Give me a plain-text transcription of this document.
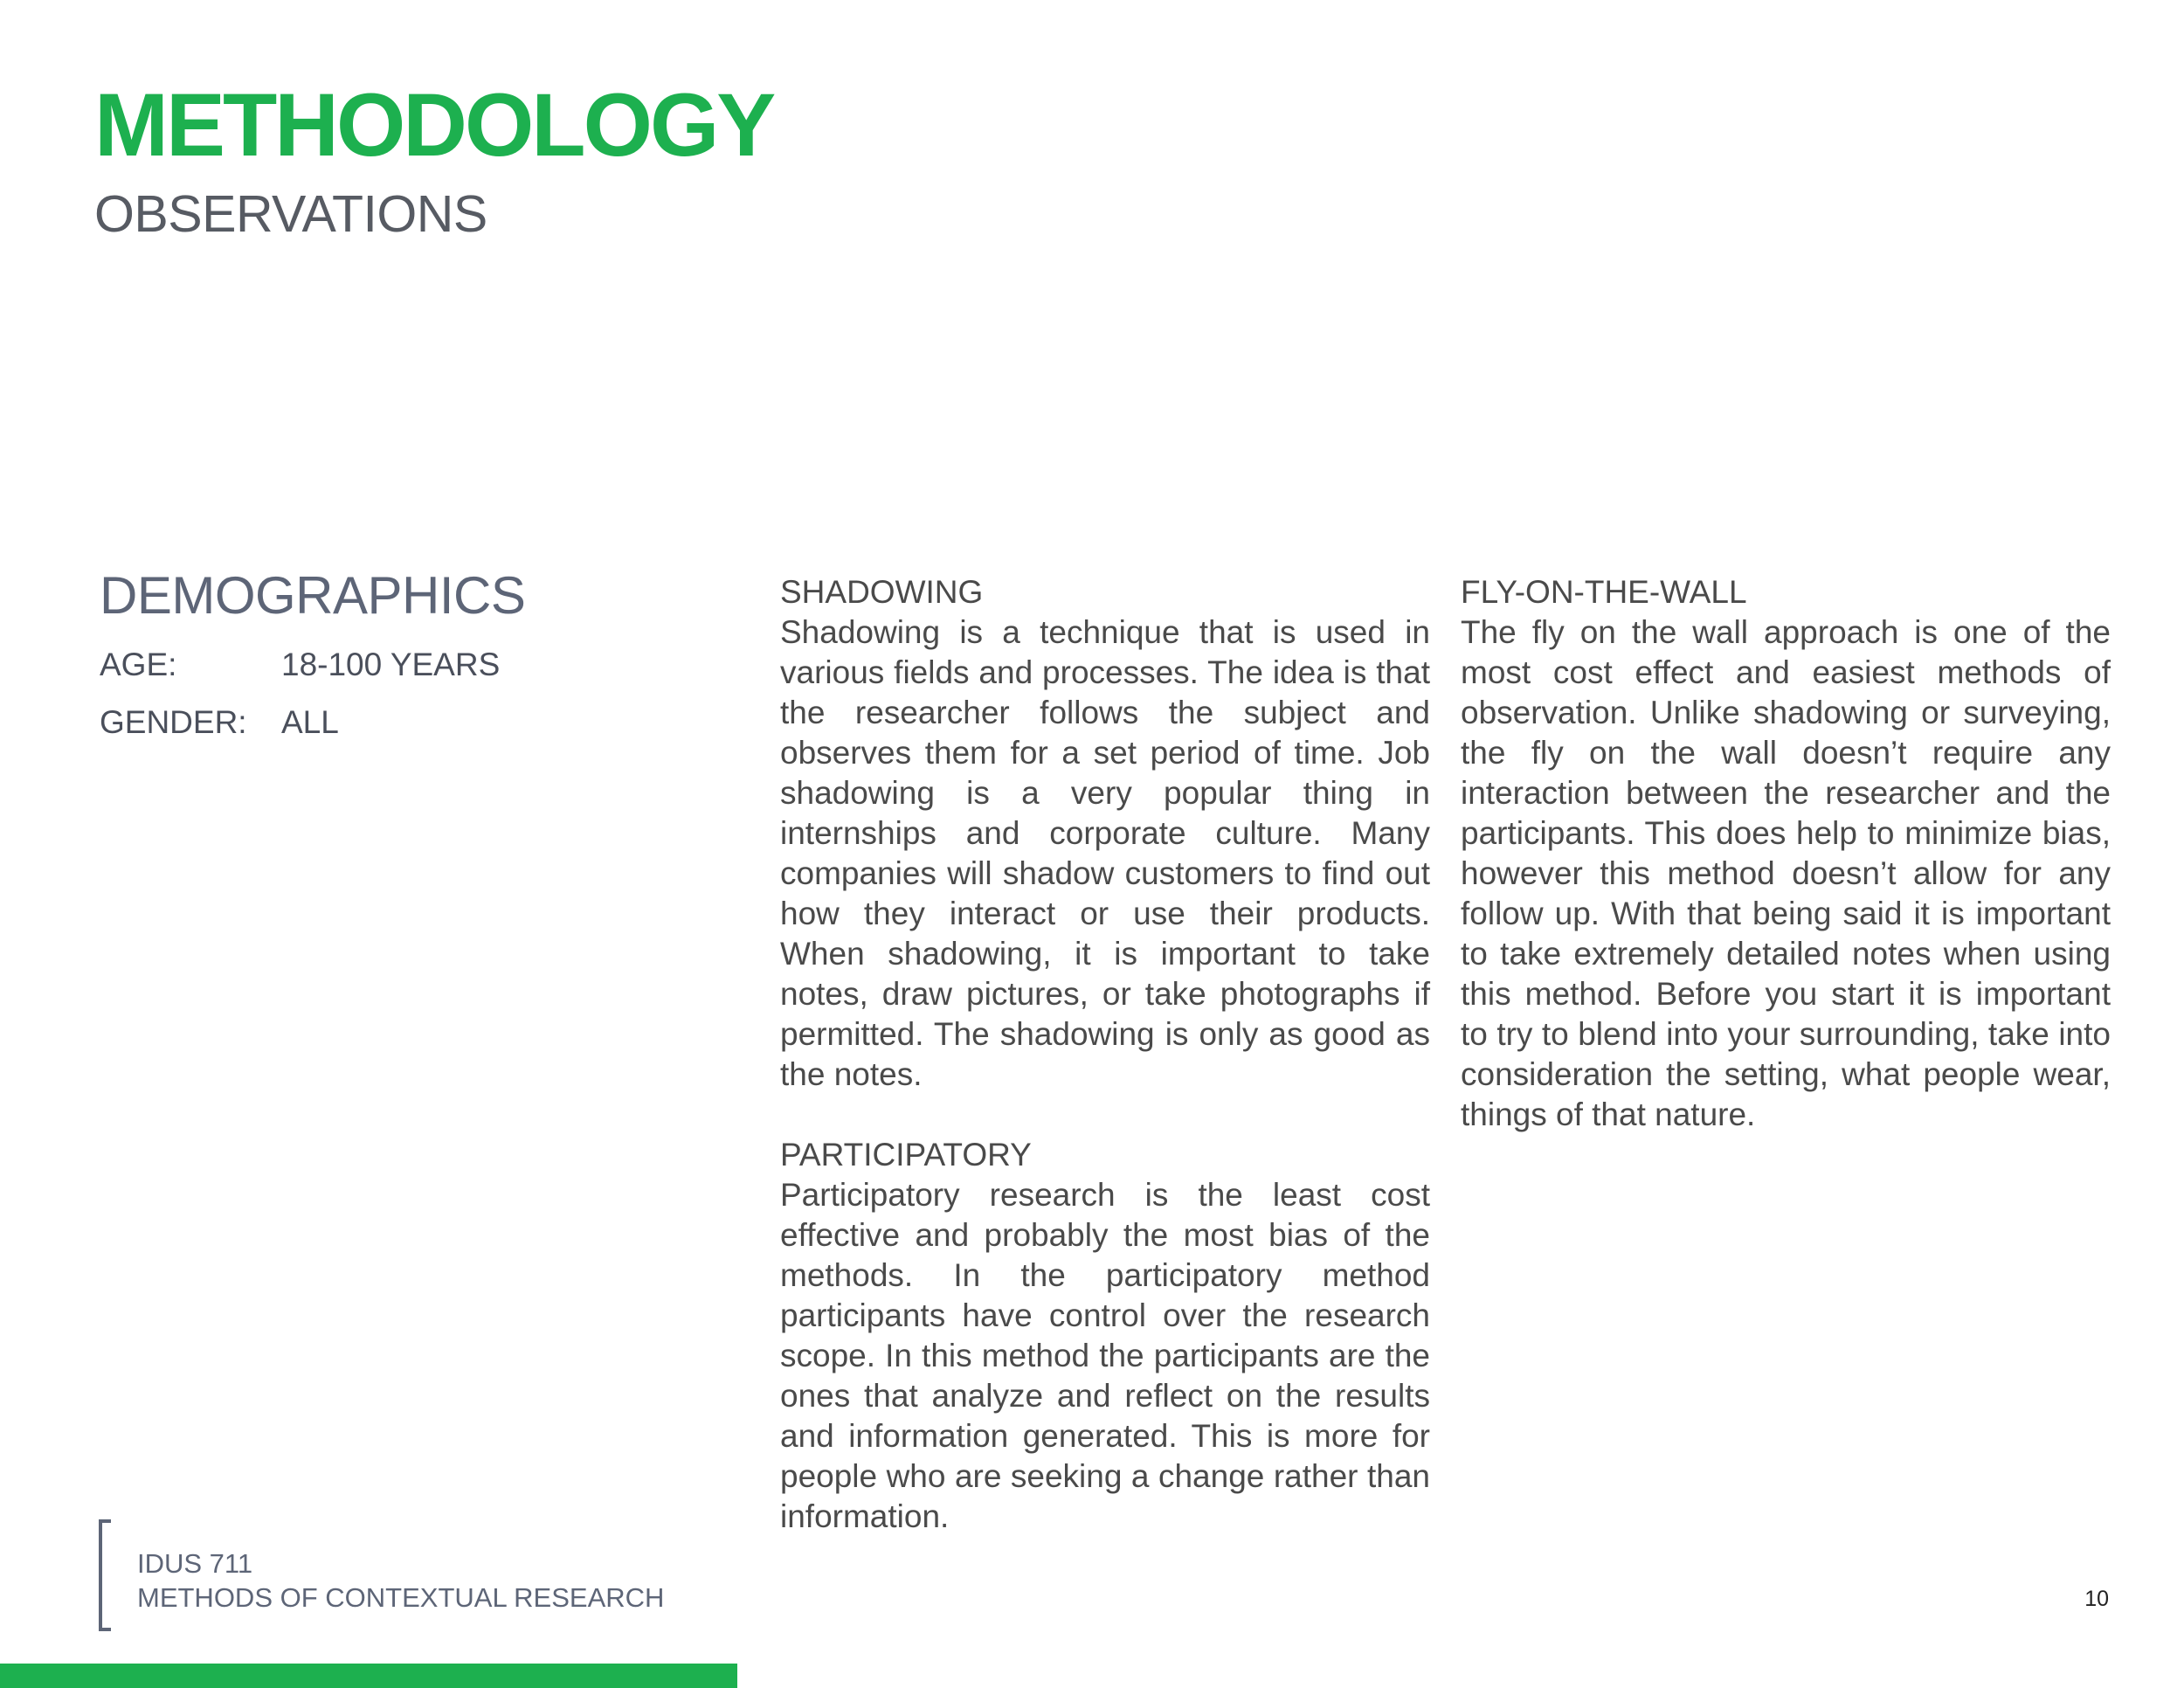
METHODOLOGY
OBSERVATIONS
DEMOGRAPHICS
AGE:	18-100 YEARS
GENDER: ALL
SHADOWING

Shadowing is a technique that is used in various fields and processes. The idea is that the researcher follows the subject and observes them for a set period of time. Job shadowing is a very popular thing in internships and corporate culture. Many companies will shadow customers to find out how they interact or use their products. When shadowing, it is important to take notes, draw pictures, or take photographs if permitted. The shadowing is only as good as the notes.

PARTICIPATORY

Participatory research is the least cost effective and probably the most bias of the methods. In the participatory method participants have control over the research scope. In this method the participants are the ones that analyze and reflect on the results and information generated. This is more for people who are seeking a change rather than information.

FLY-ON-THE-WALL

The fly on the wall approach is one of the most cost effect and easiest methods of observation. Unlike shadowing or surveying, the fly on the wall doesn’t require any interaction between the researcher and the participants. This does help to minimize bias, however this method doesn’t allow for any follow up. With that being said it is important to take extremely detailed notes when using this method. Before you start it is important to try to blend into your surrounding, take into consideration the setting, what people wear, things of that nature.

IDUS 711
METHODS OF CONTEXTUAL RESEARCH	10
